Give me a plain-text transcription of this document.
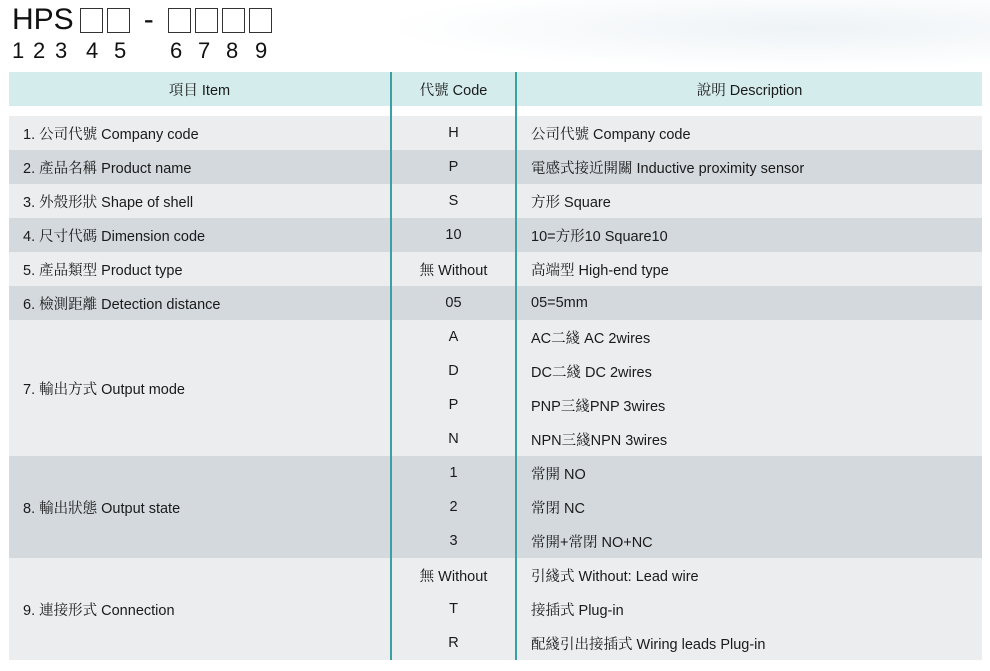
HPS -
1 2 3 4 5 6 7 8 9
項目 Item	代號 Code	說明 Description

1. 公司代號 Company code	H	公司代號 Company code
2. 產品名稱 Product name	P	電感式接近開關 Inductive proximity sensor
3. 外殼形狀 Shape of shell	S	方形 Square
4. 尺寸代碼 Dimension code	10	10=方形10 Square10
5. 產品類型 Product type	無 Without	高端型 High-end type
6. 檢測距離 Detection distance	05	05=5mm
7. 輸出方式 Output mode	A	AC二綫 AC 2wires
	D	DC二綫 DC 2wires
	P	PNP三綫PNP 3wires
	N	NPN三綫NPN 3wires
8. 輸出狀態 Output state	1	常開 NO
	2	常閉 NC
	3	常開+常閉 NO+NC
9. 連接形式 Connection	無 Without	引綫式 Without: Lead wire
	T	接插式 Plug-in
	R	配綫引出接插式 Wiring leads Plug-in
